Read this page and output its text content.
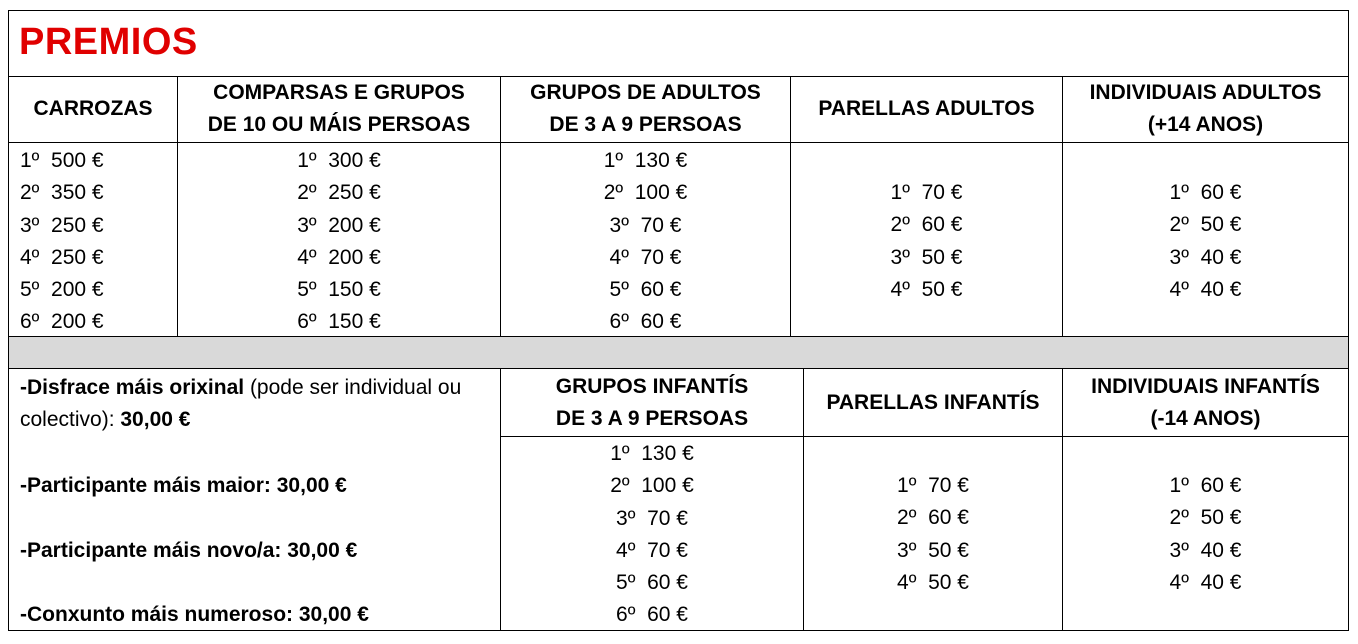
PREMIOS
CARROZAS
COMPARSAS E GRUPOS
DE 10 OU MÁIS PERSOAS
GRUPOS DE ADULTOS
DE 3 A 9 PERSOAS
PARELLAS ADULTOS
INDIVIDUAIS ADULTOS
(+14 ANOS)
1º  500 €
2º  350 €
3º  250 €
4º  250 €
5º  200 €
6º  200 €
1º  300 €
2º  250 €
3º  200 €
4º  200 €
5º  150 €
6º  150 €
1º  130 €
2º  100 €
3º  70 €
4º  70 €
5º  60 €
6º  60 €
1º  70 €
2º  60 €
3º  50 €
4º  50 €
1º  60 €
2º  50 €
3º  40 €
4º  40 €

-Disfrace máis orixinal (pode ser individual ou colectivo): 30,00 €

-Participante máis maior: 30,00 €

-Participante máis novo/a: 30,00 €

-Conxunto máis numeroso: 30,00 €

GRUPOS INFANTÍS
DE 3 A 9 PERSOAS
PARELLAS INFANTÍS
INDIVIDUAIS INFANTÍS
(-14 ANOS)
1º  130 €
2º  100 €
3º  70 €
4º  70 €
5º  60 €
6º  60 €
1º  70 €
2º  60 €
3º  50 €
4º  50 €
1º  60 €
2º  50 €
3º  40 €
4º  40 €
